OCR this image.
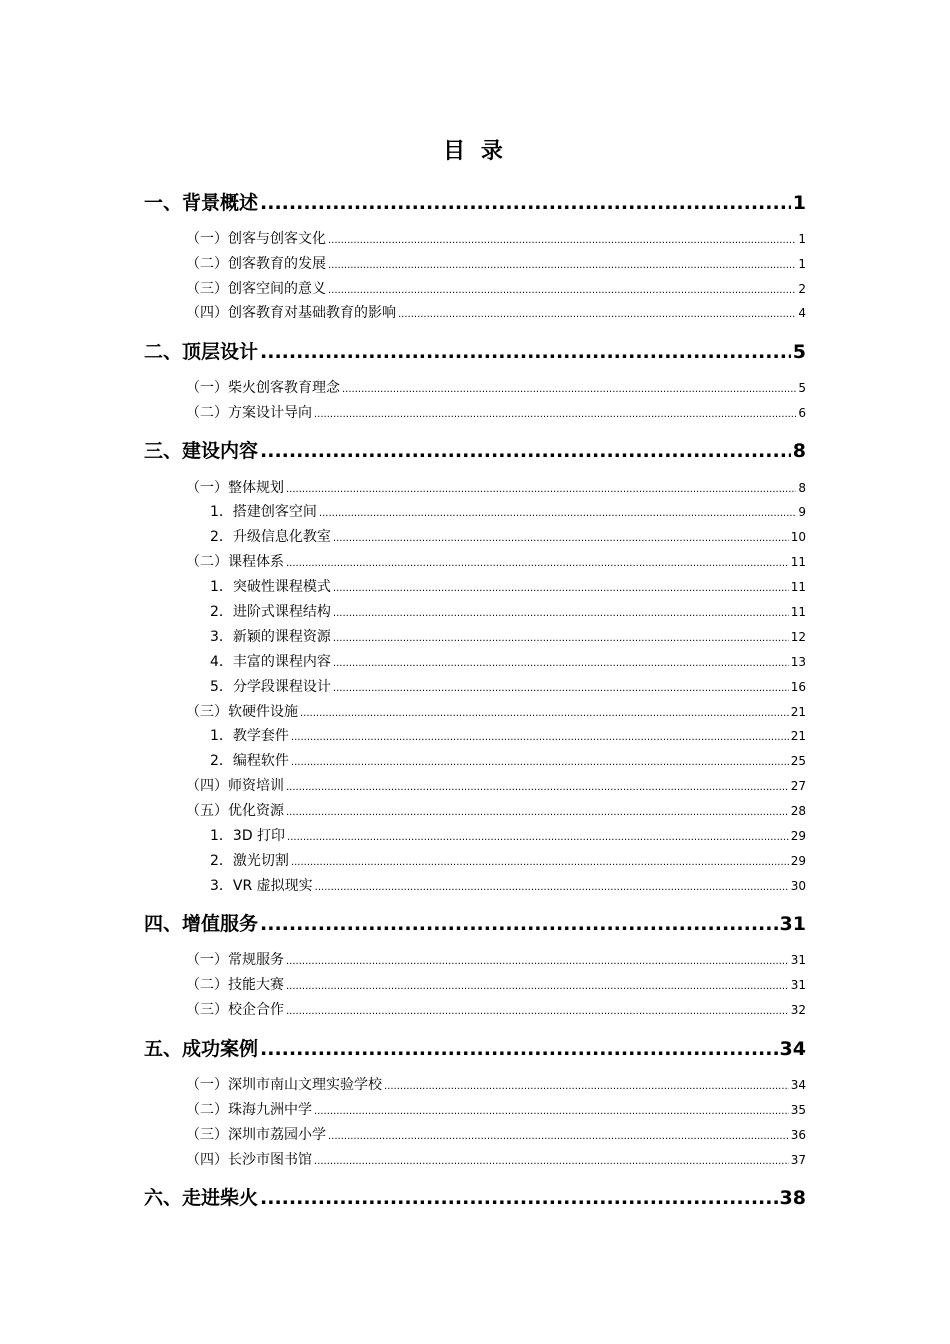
目 录
一、背景概述 .....	1
（一）创客与创客文化 .....	1
（二）创客教育的发展 .....	1
（三）创客空间的意义 .....	2
（四）创客教育对基础教育的影响 .....	4
二、顶层设计 .....	5
（一）柴火创客教育理念 .....	5
（二）方案设计导向 .....	6
三、建设内容 .....	8
（一）整体规划 .....	8
1．搭建创客空间 .....	9
2．升级信息化教室 .....	10
（二）课程体系 .....	11
1．突破性课程模式 .....	11
2．进阶式课程结构 .....	11
3．新颖的课程资源 .....	12
4．丰富的课程内容 .....	13
5．分学段课程设计 .....	16
（三）软硬件设施 .....	21
1．教学套件 .....	21
2．编程软件 .....	25
（四）师资培训 .....	27
（五）优化资源 .....	28
1．3D 打印 .....	29
2．激光切割 .....	29
3．VR 虚拟现实 .....	30
四、增值服务 .....	31
（一）常规服务 .....	31
（二）技能大赛 .....	31
（三）校企合作 .....	32
五、成功案例 .....	34
（一）深圳市南山文理实验学校 .....	34
（二）珠海九洲中学 .....	35
（三）深圳市荔园小学 .....	36
（四）长沙市图书馆 .....	37
六、走进柴火 .....	38
